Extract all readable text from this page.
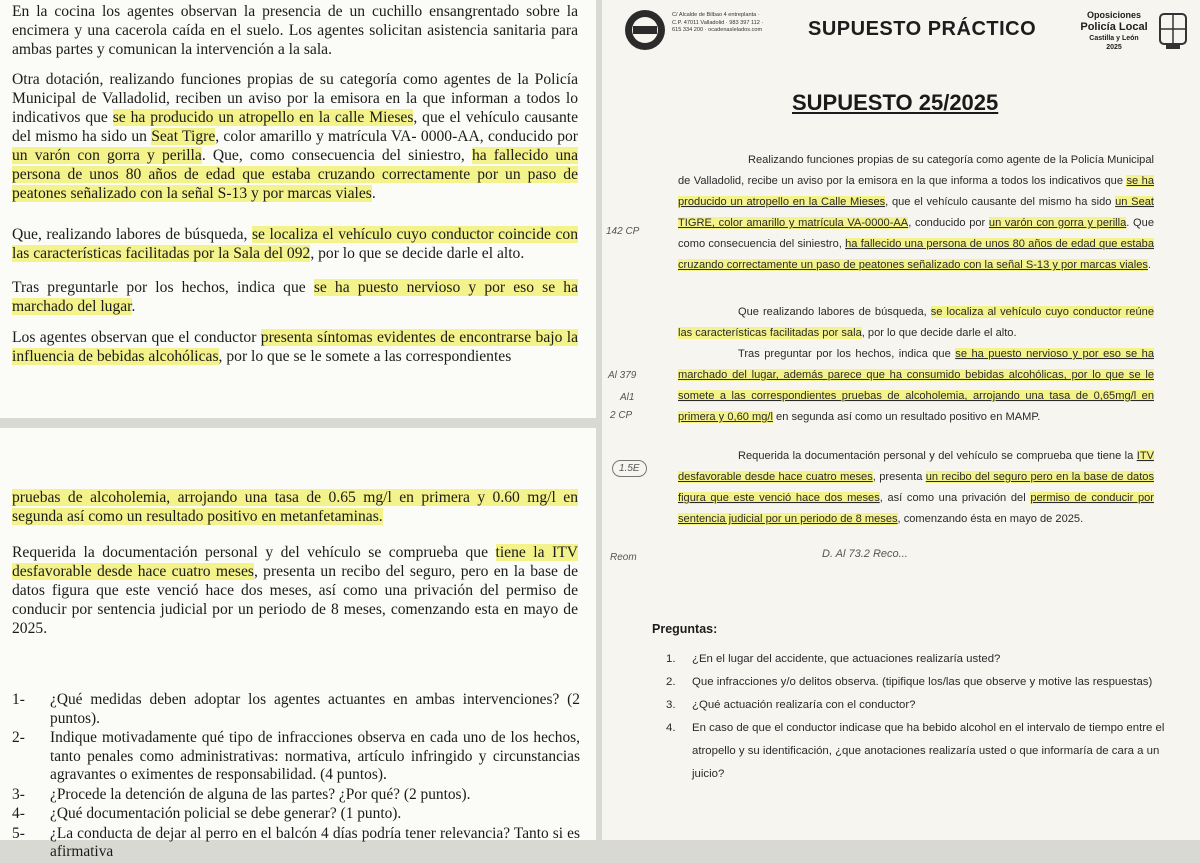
En la cocina los agentes observan la presencia de un cuchillo ensangrentado sobre la encimera y una cacerola caída en el suelo. Los agentes solicitan asistencia sanitaria para ambas partes y comunican la intervención a la sala.

Otra dotación, realizando funciones propias de su categoría como agentes de la Policía Municipal de Valladolid, reciben un aviso por la emisora en la que informan a todos lo indicativos que se ha producido un atropello en la calle Mieses, que el vehículo causante del mismo ha sido un Seat Tigre, color amarillo y matrícula VA- 0000-AA, conducido por un varón con gorra y perilla. Que, como consecuencia del siniestro, ha fallecido una persona de unos 80 años de edad que estaba cruzando correctamente por un paso de peatones señalizado con la señal S-13 y por marcas viales.

Que, realizando labores de búsqueda, se localiza el vehículo cuyo conductor coincide con las características facilitadas por la Sala del 092, por lo que se decide darle el alto.

Tras preguntarle por los hechos, indica que se ha puesto nervioso y por eso se ha marchado del lugar.

Los agentes observan que el conductor presenta síntomas evidentes de encontrarse bajo la influencia de bebidas alcohólicas, por lo que se le somete a las correspondientes

pruebas de alcoholemia, arrojando una tasa de 0.65 mg/l en primera y 0.60 mg/l en segunda así como un resultado positivo en metanfetaminas.

Requerida la documentación personal y del vehículo se comprueba que tiene la ITV desfavorable desde hace cuatro meses, presenta un recibo del seguro, pero en la base de datos figura que este venció hace dos meses, así como una privación del permiso de conducir por sentencia judicial por un periodo de 8 meses, comenzando esta en mayo de 2025.

1- ¿Qué medidas deben adoptar los agentes actuantes en ambas intervenciones? (2 puntos).
2- Indique motivadamente qué tipo de infracciones observa en cada uno de los hechos, tanto penales como administrativas: normativa, artículo infringido y circunstancias agravantes o eximentes de responsabilidad. (4 puntos).
3- ¿Procede la detención de alguna de las partes? ¿Por qué? (2 puntos).
4- ¿Qué documentación policial se debe generar? (1 punto).
5- ¿La conducta de dejar al perro en el balcón 4 días podría tener relevancia? Tanto si es afirmativa
C/ Alcalde de Bilbao 4 entreplanta · C.P. 47011 Valladolid · 983 397 112 · 615 334 200 · ocadenaslelados.com	SUPUESTO PRÁCTICO
Oposiciones
Policía Local
Castilla y León
2025
SUPUESTO 25/2025

Realizando funciones propias de su categoría como agente de la Policía Municipal de Valladolid, recibe un aviso por la emisora en la que informa a todos los indicativos que se ha producido un atropello en la Calle Mieses, que el vehículo causante del mismo ha sido un Seat TIGRE, color amarillo y matrícula VA-0000-AA, conducido por un varón con gorra y perilla. Que como consecuencia del siniestro, ha fallecido una persona de unos 80 años de edad que estaba cruzando correctamente un paso de peatones señalizado con la señal S-13 y por marcas viales.

Que realizando labores de búsqueda, se localiza al vehículo cuyo conductor reúne las características facilitadas por sala, por lo que decide darle el alto.

Tras preguntar por los hechos, indica que se ha puesto nervioso y por eso se ha marchado del lugar, además parece que ha consumido bebidas alcohólicas, por lo que se le somete a las correspondientes pruebas de alcoholemia, arrojando una tasa de 0,65mg/l en primera y 0,60 mg/l en segunda así como un resultado positivo en MAMP.

Requerida la documentación personal y del vehículo se comprueba que tiene la ITV desfavorable desde hace cuatro meses, presenta un recibo del seguro pero en la base de datos figura que este venció hace dos meses, así como una privación del permiso de conducir por sentencia judicial por un periodo de 8 meses, comenzando ésta en mayo de 2025.

Preguntas:
1. ¿En el lugar del accidente, que actuaciones realizaría usted?
2. Que infracciones y/o delitos observa. (tipifique los/las que observe y motive las respuestas)
3. ¿Qué actuación realizaría con el conductor?
4. En caso de que el conductor indicase que ha bebido alcohol en el intervalo de tiempo entre el atropello y su identificación, ¿que anotaciones realizaría usted o que informaría de cara a un juicio?
142 CP
Al 379
Al1
2 CP
1.5E
Reom	D. Al 73.2 Reco...
